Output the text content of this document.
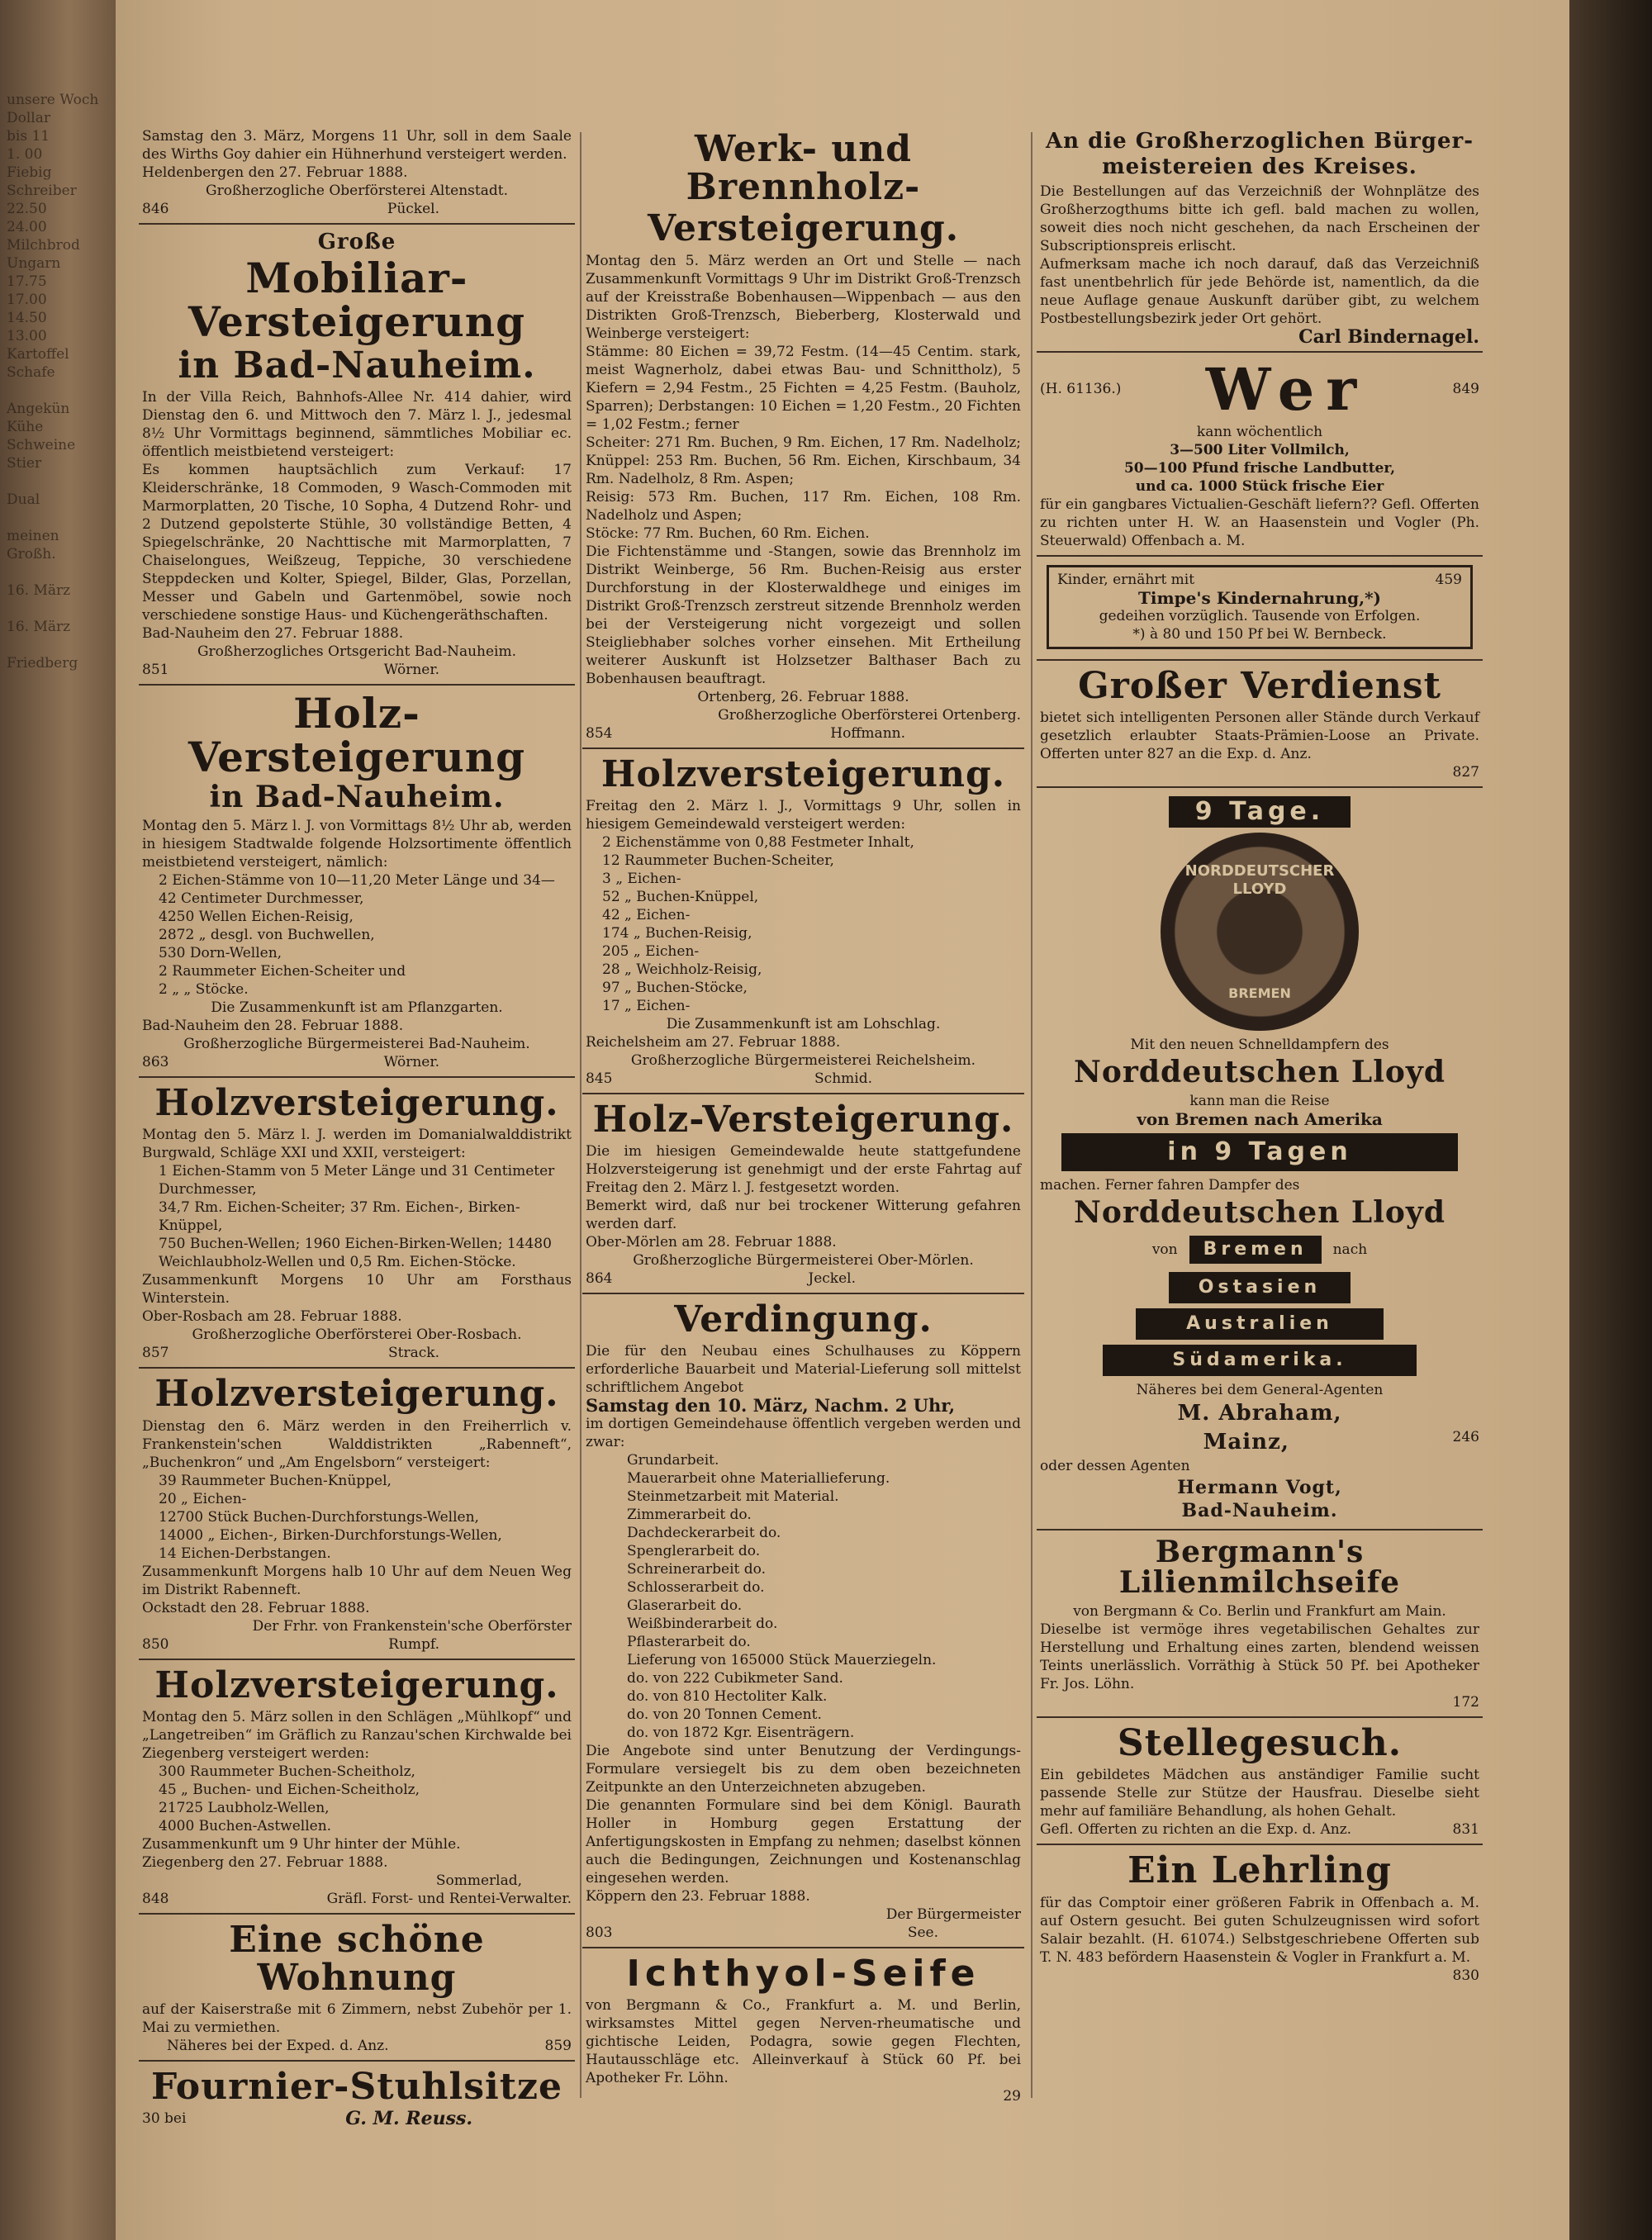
unsere Woch
Dollar
bis 11
1. 00
Fiebig
Schreiber
22.50
24.00
Milchbrod
Ungarn
17.75
17.00
14.50
13.00
Kartoffel
Schafe

Angekün
Kühe
Schweine
Stier

Dual

meinen
Großh.

16. März

16. März

Friedberg

Samstag den 3. März, Morgens 11 Uhr, soll in dem Saale des Wirths Goy dahier ein Hühnerhund versteigert werden.

Heldenbergen den 27. Februar 1888.

Großherzogliche Oberförsterei Altenstadt.

846	Pückel.
Große
Mobiliar-Versteigerung
in Bad-Nauheim.

In der Villa Reich, Bahnhofs-Allee Nr. 414 dahier, wird Dienstag den 6. und Mittwoch den 7. März l. J., jedesmal 8½ Uhr Vormittags beginnend, sämmtliches Mobiliar ec. öffentlich meistbietend versteigert:

Es kommen hauptsächlich zum Verkauf: 17 Kleiderschränke, 18 Commoden, 9 Wasch-Commoden mit Marmorplatten, 20 Tische, 10 Sopha, 4 Dutzend Rohr- und 2 Dutzend gepolsterte Stühle, 30 vollständige Betten, 4 Spiegelschränke, 20 Nachttische mit Marmorplatten, 7 Chaiselongues, Weißzeug, Teppiche, 30 verschiedene Steppdecken und Kolter, Spiegel, Bilder, Glas, Porzellan, Messer und Gabeln und Gartenmöbel, sowie noch verschiedene sonstige Haus- und Küchengeräthschaften.

Bad-Nauheim den 27. Februar 1888.

Großherzogliches Ortsgericht Bad-Nauheim.

851	Wörner.
Holz-Versteigerung
in Bad-Nauheim.

Montag den 5. März l. J. von Vormittags 8½ Uhr ab, werden in hiesigem Stadtwalde folgende Holzsortimente öffentlich meistbietend versteigert, nämlich:

2 Eichen-Stämme von 10—11,20 Meter Länge und 34—42 Centimeter Durchmesser,
4250 Wellen Eichen-Reisig,
2872 „ desgl. von Buchwellen,
530 Dorn-Wellen,
2 Raummeter Eichen-Scheiter und
2 „ „ Stöcke.

Die Zusammenkunft ist am Pflanzgarten.

Bad-Nauheim den 28. Februar 1888.

Großherzogliche Bürgermeisterei Bad-Nauheim.

863	Wörner.
Holzversteigerung.

Montag den 5. März l. J. werden im Domanialwalddistrikt Burgwald, Schläge XXI und XXII, versteigert:

1 Eichen-Stamm von 5 Meter Länge und 31 Centimeter Durchmesser,
34,7 Rm. Eichen-Scheiter; 37 Rm. Eichen-, Birken-Knüppel,
750 Buchen-Wellen; 1960 Eichen-Birken-Wellen; 14480 Weichlaubholz-Wellen und 0,5 Rm. Eichen-Stöcke.

Zusammenkunft Morgens 10 Uhr am Forsthaus Winterstein.

Ober-Rosbach am 28. Februar 1888.

Großherzogliche Oberförsterei Ober-Rosbach.

857	Strack.
Holzversteigerung.

Dienstag den 6. März werden in den Freiherrlich v. Frankenstein'schen Walddistrikten „Rabenneft“, „Buchenkron“ und „Am Engelsborn“ versteigert:

39 Raummeter Buchen-Knüppel,
20 „ Eichen-
12700 Stück Buchen-Durchforstungs-Wellen,
14000 „ Eichen-, Birken-Durchforstungs-Wellen,
14 Eichen-Derbstangen.

Zusammenkunft Morgens halb 10 Uhr auf dem Neuen Weg im Distrikt Rabenneft.

Ockstadt den 28. Februar 1888.

Der Frhr. von Frankenstein'sche Oberförster

850	Rumpf.
Holzversteigerung.

Montag den 5. März sollen in den Schlägen „Mühlkopf“ und „Langetreiben“ im Gräflich zu Ranzau'schen Kirchwalde bei Ziegenberg versteigert werden:

300 Raummeter Buchen-Scheitholz,
45 „ Buchen- und Eichen-Scheitholz,
21725 Laubholz-Wellen,
4000 Buchen-Astwellen.

Zusammenkunft um 9 Uhr hinter der Mühle.

Ziegenberg den 27. Februar 1888.

Sommerlad,

848	Gräfl. Forst- und Rentei-Verwalter.
Eine schöne Wohnung

auf der Kaiserstraße mit 6 Zimmern, nebst Zubehör per 1. Mai zu vermiethen.

Näheres bei der Exped. d. Anz.	859
Fournier-Stuhlsitze
30 bei	G. M. Reuss.
Werk- und Brennholz-
Versteigerung.

Montag den 5. März werden an Ort und Stelle — nach Zusammenkunft Vormittags 9 Uhr im Distrikt Groß-Trenzsch auf der Kreisstraße Bobenhausen—Wippenbach — aus den Distrikten Groß-Trenzsch, Bieberberg, Klosterwald und Weinberge versteigert:

Stämme: 80 Eichen = 39,72 Festm. (14—45 Centim. stark, meist Wagnerholz, dabei etwas Bau- und Schnittholz), 5 Kiefern = 2,94 Festm., 25 Fichten = 4,25 Festm. (Bauholz, Sparren); Derbstangen: 10 Eichen = 1,20 Festm., 20 Fichten = 1,02 Festm.; ferner

Scheiter: 271 Rm. Buchen, 9 Rm. Eichen, 17 Rm. Nadelholz; Knüppel: 253 Rm. Buchen, 56 Rm. Eichen, Kirschbaum, 34 Rm. Nadelholz, 8 Rm. Aspen;

Reisig: 573 Rm. Buchen, 117 Rm. Eichen, 108 Rm. Nadelholz und Aspen;

Stöcke: 77 Rm. Buchen, 60 Rm. Eichen.

Die Fichtenstämme und -Stangen, sowie das Brennholz im Distrikt Weinberge, 56 Rm. Buchen-Reisig aus erster Durchforstung in der Klosterwaldhege und einiges im Distrikt Groß-Trenzsch zerstreut sitzende Brennholz werden bei der Versteigerung nicht vorgezeigt und sollen Steigliebhaber solches vorher einsehen. Mit Ertheilung weiterer Auskunft ist Holzsetzer Balthaser Bach zu Bobenhausen beauftragt.

Ortenberg, 26. Februar 1888.

Großherzogliche Oberförsterei Ortenberg.

854	Hoffmann.
Holzversteigerung.

Freitag den 2. März l. J., Vormittags 9 Uhr, sollen in hiesigem Gemeindewald versteigert werden:

2 Eichenstämme von 0,88 Festmeter Inhalt,
12 Raummeter Buchen-Scheiter,
3 „ Eichen-
52 „ Buchen-Knüppel,
42 „ Eichen-
174 „ Buchen-Reisig,
205 „ Eichen-
28 „ Weichholz-Reisig,
97 „ Buchen-Stöcke,
17 „ Eichen-

Die Zusammenkunft ist am Lohschlag.

Reichelsheim am 27. Februar 1888.

Großherzogliche Bürgermeisterei Reichelsheim.

845	Schmid.
Holz-Versteigerung.

Die im hiesigen Gemeindewalde heute stattgefundene Holzversteigerung ist genehmigt und der erste Fahrtag auf Freitag den 2. März l. J. festgesetzt worden.

Bemerkt wird, daß nur bei trockener Witterung gefahren werden darf.

Ober-Mörlen am 28. Februar 1888.

Großherzogliche Bürgermeisterei Ober-Mörlen.

864	Jeckel.
Verdingung.

Die für den Neubau eines Schulhauses zu Köppern erforderliche Bauarbeit und Material-Lieferung soll mittelst schriftlichem Angebot

Samstag den 10. März, Nachm. 2 Uhr,

im dortigen Gemeindehause öffentlich vergeben werden und zwar:

Grundarbeit.
Mauerarbeit ohne Materiallieferung.
Steinmetzarbeit mit Material.
Zimmerarbeit do.
Dachdeckerarbeit do.
Spenglerarbeit do.
Schreinerarbeit do.
Schlosserarbeit do.
Glaserarbeit do.
Weißbinderarbeit do.
Pflasterarbeit do.
Lieferung von 165000 Stück Mauerziegeln.
do. von 222 Cubikmeter Sand.
do. von 810 Hectoliter Kalk.
do. von 20 Tonnen Cement.
do. von 1872 Kgr. Eisenträgern.

Die Angebote sind unter Benutzung der Verdingungs-Formulare versiegelt bis zu dem oben bezeichneten Zeitpunkte an den Unterzeichneten abzugeben.

Die genannten Formulare sind bei dem Königl. Baurath Holler in Homburg gegen Erstattung der Anfertigungskosten in Empfang zu nehmen; daselbst können auch die Bedingungen, Zeichnungen und Kostenanschlag eingesehen werden.

Köppern den 23. Februar 1888.

Der Bürgermeister

803	See.
Ichthyol-Seife

von Bergmann & Co., Frankfurt a. M. und Berlin, wirksamstes Mittel gegen Nerven-rheumatische und gichtische Leiden, Podagra, sowie gegen Flechten, Hautausschläge etc. Alleinverkauf à Stück 60 Pf. bei Apotheker Fr. Löhn.

29

An die Großherzoglichen Bürger-
meistereien des Kreises.

Die Bestellungen auf das Verzeichniß der Wohnplätze des Großherzogthums bitte ich gefl. bald machen zu wollen, soweit dies noch nicht geschehen, da nach Erscheinen der Subscriptionspreis erlischt.

Aufmerksam mache ich noch darauf, daß das Verzeichniß fast unentbehrlich für jede Behörde ist, namentlich, da die neue Auflage genaue Auskunft darüber gibt, zu welchem Postbestellungsbezirk jeder Ort gehört.

Carl Bindernagel.

(H. 61136.) Wer	849

kann wöchentlich

3—500 Liter Vollmilch,
50—100 Pfund frische Landbutter,
und ca. 1000 Stück frische Eier

für ein gangbares Victualien-Geschäft liefern?? Gefl. Offerten zu richten unter H. W. an Haasenstein und Vogler (Ph. Steuerwald) Offenbach a. M.

Kinder, ernährt mit	459
Timpe's Kindernahrung,*)
gedeihen vorzüglich. Tausende von Erfolgen.
*) à 80 und 150 Pf bei W. Bernbeck.
Großer Verdienst

bietet sich intelligenten Personen aller Stände durch Verkauf gesetzlich erlaubter Staats-Prämien-Loose an Private. Offerten unter 827 an die Exp. d. Anz.

827

9 Tage.
NORDDEUTSCHER LLOYD
BREMEN

Mit den neuen Schnelldampfern des

Norddeutschen Lloyd

kann man die Reise

von Bremen nach Amerika

in 9 Tagen

machen. Ferner fahren Dampfer des

Norddeutschen Lloyd
von	Bremen	nach
Ostasien
Australien
Südamerika.

Näheres bei dem General-Agenten

M. Abraham,
Mainz,	246

oder dessen Agenten

Hermann Vogt,
Bad-Nauheim.
Bergmann's Lilienmilchseife

von Bergmann & Co. Berlin und Frankfurt am Main.

Dieselbe ist vermöge ihres vegetabilischen Gehaltes zur Herstellung und Erhaltung eines zarten, blendend weissen Teints unerlässlich. Vorräthig à Stück 50 Pf. bei Apotheker Fr. Jos. Löhn.

172

Stellegesuch.

Ein gebildetes Mädchen aus anständiger Familie sucht passende Stelle zur Stütze der Hausfrau. Dieselbe sieht mehr auf familiäre Behandlung, als hohen Gehalt.

Gefl. Offerten zu richten an die Exp. d. Anz.	831
Ein Lehrling

für das Comptoir einer größeren Fabrik in Offenbach a. M. auf Ostern gesucht. Bei guten Schulzeugnissen wird sofort Salair bezahlt. (H. 61074.) Selbstgeschriebene Offerten sub T. N. 483 befördern Haasenstein & Vogler in Frankfurt a. M.

830
